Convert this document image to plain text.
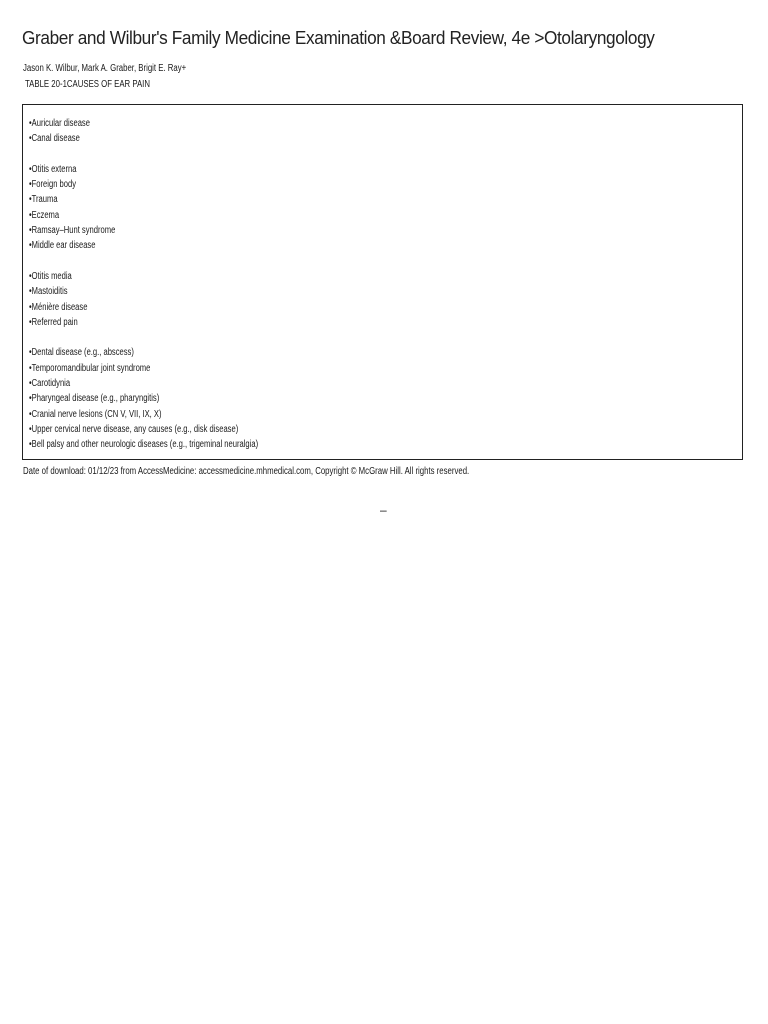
Graber and Wilbur's Family Medicine Examination &Board Review, 4e >Otolaryngology
Jason K. Wilbur, Mark A. Graber, Brigit E. Ray+
TABLE 20-1CAUSES OF EAR PAIN
•Auricular disease
•Canal disease
•Otitis externa
•Foreign body
•Trauma
•Eczema
•Ramsay–Hunt syndrome
•Middle ear disease
•Otitis media
•Mastoiditis
•Ménière disease
•Referred pain
•Dental disease (e.g., abscess)
•Temporomandibular joint syndrome
•Carotidynia
•Pharyngeal disease (e.g., pharyngitis)
•Cranial nerve lesions (CN V, VII, IX, X)
•Upper cervical nerve disease, any causes (e.g., disk disease)
•Bell palsy and other neurologic diseases (e.g., trigeminal neuralgia)
Date of download: 01/12/23 from AccessMedicine: accessmedicine.mhmedical.com, Copyright © McGraw Hill. All rights reserved.
–
